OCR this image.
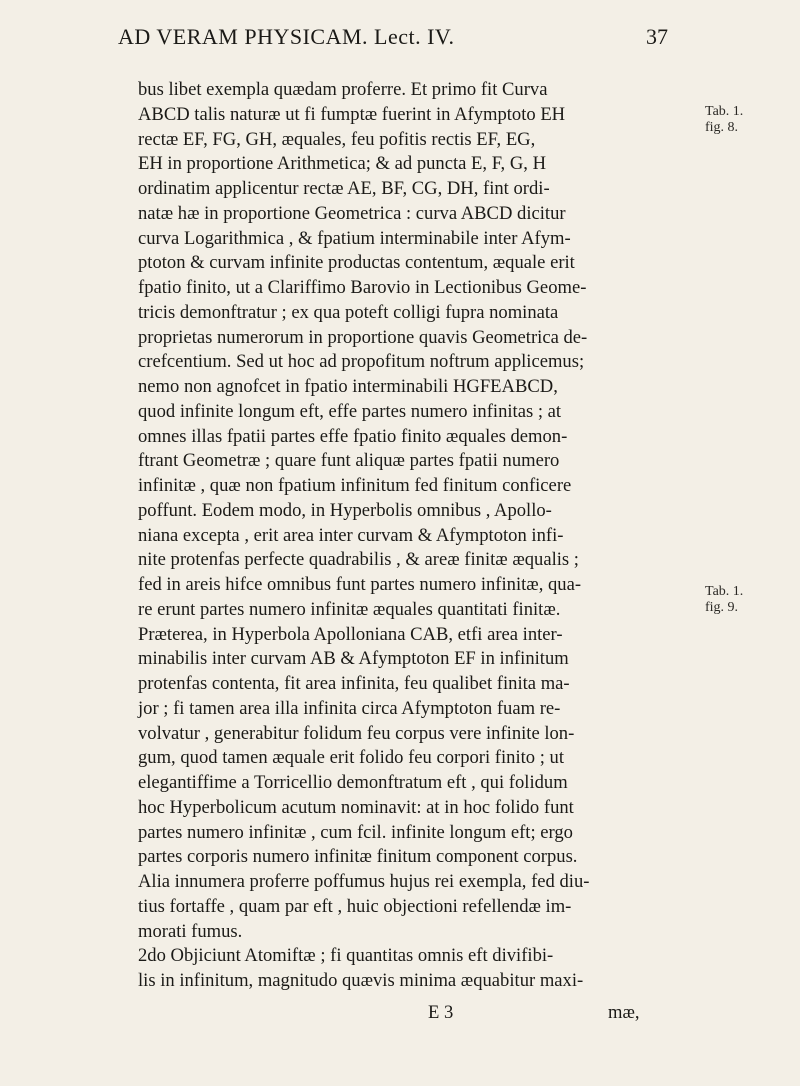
AD VERAM PHYSICAM. Lect. IV.	37
bus libet exempla quædam proferre. Et primo fit Curva
ABCD talis naturæ ut fi fumptæ fuerint in Afymptoto EH
rectæ EF, FG, GH, æquales, feu pofitis rectis EF, EG,
EH in proportione Arithmetica; & ad puncta E, F, G, H
ordinatim applicentur rectæ AE, BF, CG, DH, fint ordi-
natæ hæ in proportione Geometrica : curva ABCD dicitur
curva Logarithmica , & fpatium interminabile inter Afym-
ptoton & curvam infinite productas contentum, æquale erit
fpatio finito, ut a Clariffimo Barovio in Lectionibus Geome-
tricis demonftratur ; ex qua poteft colligi fupra nominata
proprietas numerorum in proportione quavis Geometrica de-
crefcentium. Sed ut hoc ad propofitum noftrum applicemus;
nemo non agnofcet in fpatio interminabili HGFEABCD,
quod infinite longum eft, effe partes numero infinitas ; at
omnes illas fpatii partes effe fpatio finito æquales demon-
ftrant Geometræ ; quare funt aliquæ partes fpatii numero
infinitæ , quæ non fpatium infinitum fed finitum conficere
poffunt. Eodem modo, in Hyperbolis omnibus , Apollo-
niana excepta , erit area inter curvam & Afymptoton infi-
nite protenfas perfecte quadrabilis , & areæ finitæ æqualis ;
fed in areis hifce omnibus funt partes numero infinitæ, qua-
re erunt partes numero infinitæ æquales quantitati finitæ.
Præterea, in Hyperbola Apolloniana CAB, etfi area inter-
minabilis inter curvam AB & Afymptoton EF in infinitum
protenfas contenta, fit area infinita, feu qualibet finita ma-
jor ; fi tamen area illa infinita circa Afymptoton fuam re-
volvatur , generabitur folidum feu corpus vere infinite lon-
gum, quod tamen æquale erit folido feu corpori finito ; ut
elegantiffime a Torricellio demonftratum eft , qui folidum
hoc Hyperbolicum acutum nominavit: at in hoc folido funt
partes numero infinitæ , cum fcil. infinite longum eft; ergo
partes corporis numero infinitæ finitum component corpus.
Alia innumera proferre poffumus hujus rei exempla, fed diu-
tius fortaffe , quam par eft , huic objectioni refellendæ im-
morati fumus.
2do Objiciunt Atomiftæ ; fi quantitas omnis eft divifibi-
lis in infinitum, magnitudo quævis minima æquabitur maxi-
Tab. 1.
fig. 8.
Tab. 1.
fig. 9.
E 3	mæ,
